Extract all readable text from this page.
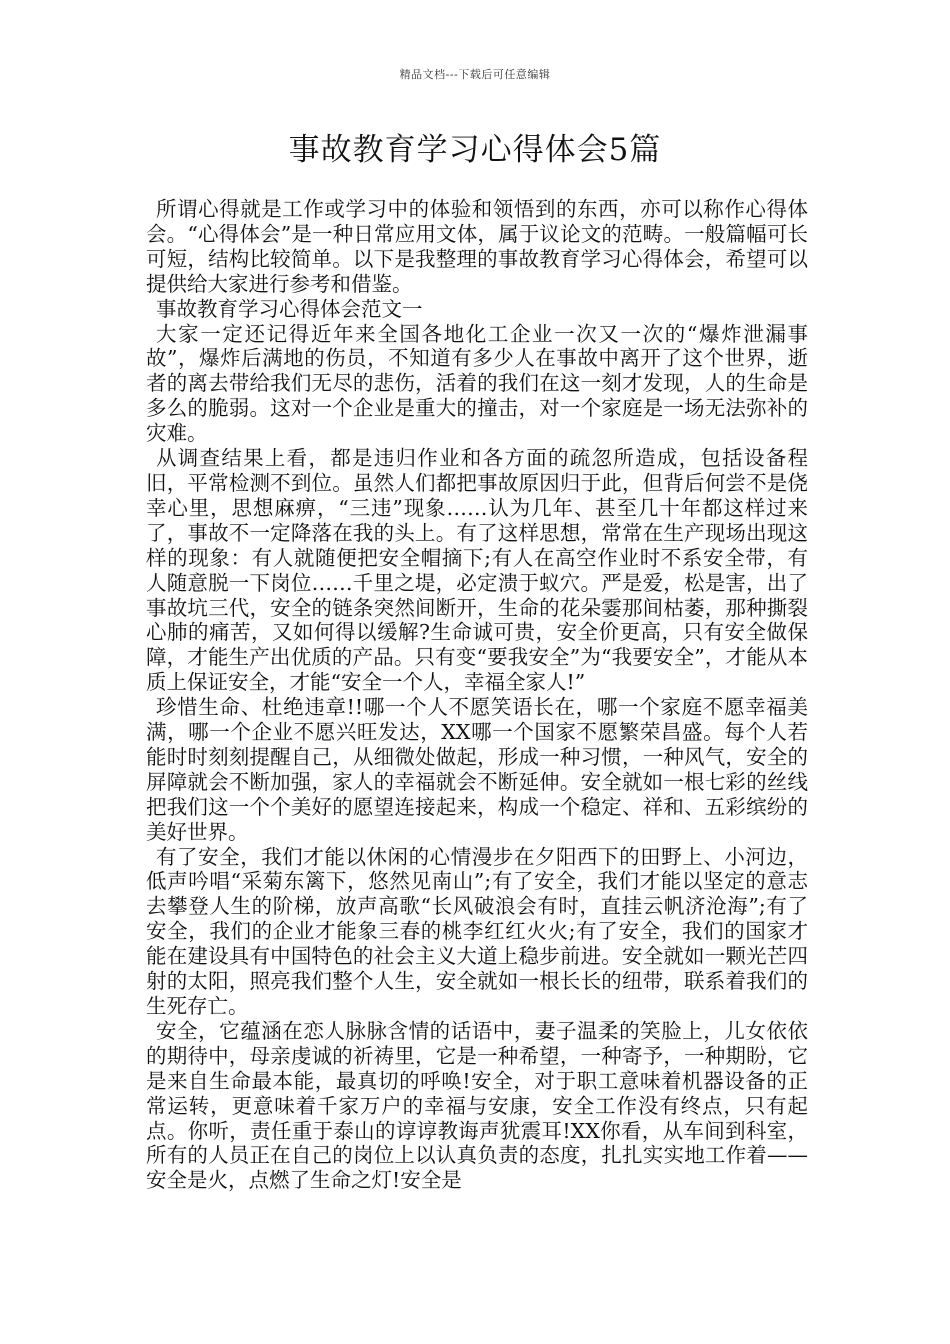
精品文档---下载后可任意编辑
事故教育学习心得体会5篇

所谓心得就是工作或学习中的体验和领悟到的东西，亦可以称作心得体会。“心得体会”是一种日常应用文体，属于议论文的范畴。一般篇幅可长可短，结构比较简单。以下是我整理的事故教育学习心得体会，希望可以提供给大家进行参考和借鉴。

事故教育学习心得体会范文一

大家一定还记得近年来全国各地化工企业一次又一次的“爆炸泄漏事故”，爆炸后满地的伤员，不知道有多少人在事故中离开了这个世界，逝者的离去带给我们无尽的悲伤，活着的我们在这一刻才发现，人的生命是多么的脆弱。这对一个企业是重大的撞击，对一个家庭是一场无法弥补的灾难。

从调查结果上看，都是违归作业和各方面的疏忽所造成，包括设备程旧，平常检测不到位。虽然人们都把事故原因归于此，但背后何尝不是侥幸心里，思想麻痹，“三违”现象……认为几年、甚至几十年都这样过来了，事故不一定降落在我的头上。有了这样思想，常常在生产现场出现这样的现象：有人就随便把安全帽摘下;有人在高空作业时不系安全带，有人随意脱一下岗位……千里之堤，必定溃于蚁穴。严是爱，松是害，出了事故坑三代，安全的链条突然间断开，生命的花朵霎那间枯萎，那种撕裂心肺的痛苦，又如何得以缓解?生命诚可贵，安全价更高，只有安全做保障，才能生产出优质的产品。只有变“要我安全”为“我要安全”，才能从本质上保证安全，才能“安全一个人，幸福全家人!”

珍惜生命、杜绝违章!!哪一个人不愿笑语长在，哪一个家庭不愿幸福美满，哪一个企业不愿兴旺发达，XX哪一个国家不愿繁荣昌盛。每个人若能时时刻刻提醒自己，从细微处做起，形成一种习惯，一种风气，安全的屏障就会不断加强，家人的幸福就会不断延伸。安全就如一根七彩的丝线把我们这一个个美好的愿望连接起来，构成一个稳定、祥和、五彩缤纷的美好世界。

有了安全，我们才能以休闲的心情漫步在夕阳西下的田野上、小河边，低声吟唱“采菊东篱下，悠然见南山”;有了安全，我们才能以坚定的意志去攀登人生的阶梯，放声高歌“长风破浪会有时，直挂云帆济沧海”;有了安全，我们的企业才能象三春的桃李红红火火;有了安全，我们的国家才能在建设具有中国特色的社会主义大道上稳步前进。安全就如一颗光芒四射的太阳，照亮我们整个人生，安全就如一根长长的纽带，联系着我们的生死存亡。

安全，它蕴涵在恋人脉脉含情的话语中，妻子温柔的笑脸上，儿女依依的期待中，母亲虔诚的祈祷里，它是一种希望，一种寄予，一种期盼，它是来自生命最本能，最真切的呼唤!安全，对于职工意味着机器设备的正常运转，更意味着千家万户的幸福与安康，安全工作没有终点，只有起点。你听，责任重于泰山的谆谆教诲声犹震耳!XX你看，从车间到科室，所有的人员正在自己的岗位上以认真负责的态度，扎扎实实地工作着——安全是火，点燃了生命之灯!安全是
